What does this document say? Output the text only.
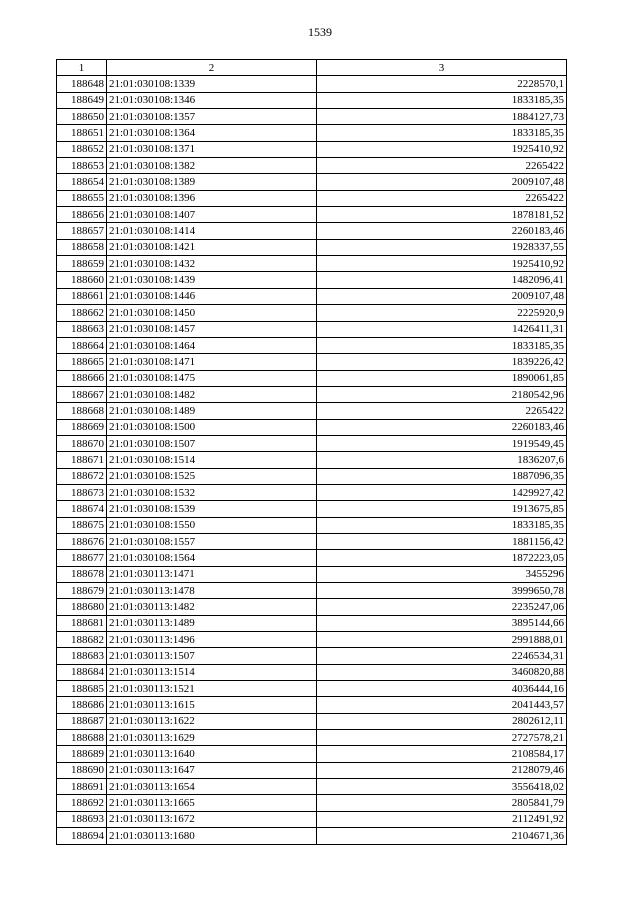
1539
1	2	3
188648	21:01:030108:1339	2228570,1
188649	21:01:030108:1346	1833185,35
188650	21:01:030108:1357	1884127,73
188651	21:01:030108:1364	1833185,35
188652	21:01:030108:1371	1925410,92
188653	21:01:030108:1382	2265422
188654	21:01:030108:1389	2009107,48
188655	21:01:030108:1396	2265422
188656	21:01:030108:1407	1878181,52
188657	21:01:030108:1414	2260183,46
188658	21:01:030108:1421	1928337,55
188659	21:01:030108:1432	1925410,92
188660	21:01:030108:1439	1482096,41
188661	21:01:030108:1446	2009107,48
188662	21:01:030108:1450	2225920,9
188663	21:01:030108:1457	1426411,31
188664	21:01:030108:1464	1833185,35
188665	21:01:030108:1471	1839226,42
188666	21:01:030108:1475	1890061,85
188667	21:01:030108:1482	2180542,96
188668	21:01:030108:1489	2265422
188669	21:01:030108:1500	2260183,46
188670	21:01:030108:1507	1919549,45
188671	21:01:030108:1514	1836207,6
188672	21:01:030108:1525	1887096,35
188673	21:01:030108:1532	1429927,42
188674	21:01:030108:1539	1913675,85
188675	21:01:030108:1550	1833185,35
188676	21:01:030108:1557	1881156,42
188677	21:01:030108:1564	1872223,05
188678	21:01:030113:1471	3455296
188679	21:01:030113:1478	3999650,78
188680	21:01:030113:1482	2235247,06
188681	21:01:030113:1489	3895144,66
188682	21:01:030113:1496	2991888,01
188683	21:01:030113:1507	2246534,31
188684	21:01:030113:1514	3460820,88
188685	21:01:030113:1521	4036444,16
188686	21:01:030113:1615	2041443,57
188687	21:01:030113:1622	2802612,11
188688	21:01:030113:1629	2727578,21
188689	21:01:030113:1640	2108584,17
188690	21:01:030113:1647	2128079,46
188691	21:01:030113:1654	3556418,02
188692	21:01:030113:1665	2805841,79
188693	21:01:030113:1672	2112491,92
188694	21:01:030113:1680	2104671,36
